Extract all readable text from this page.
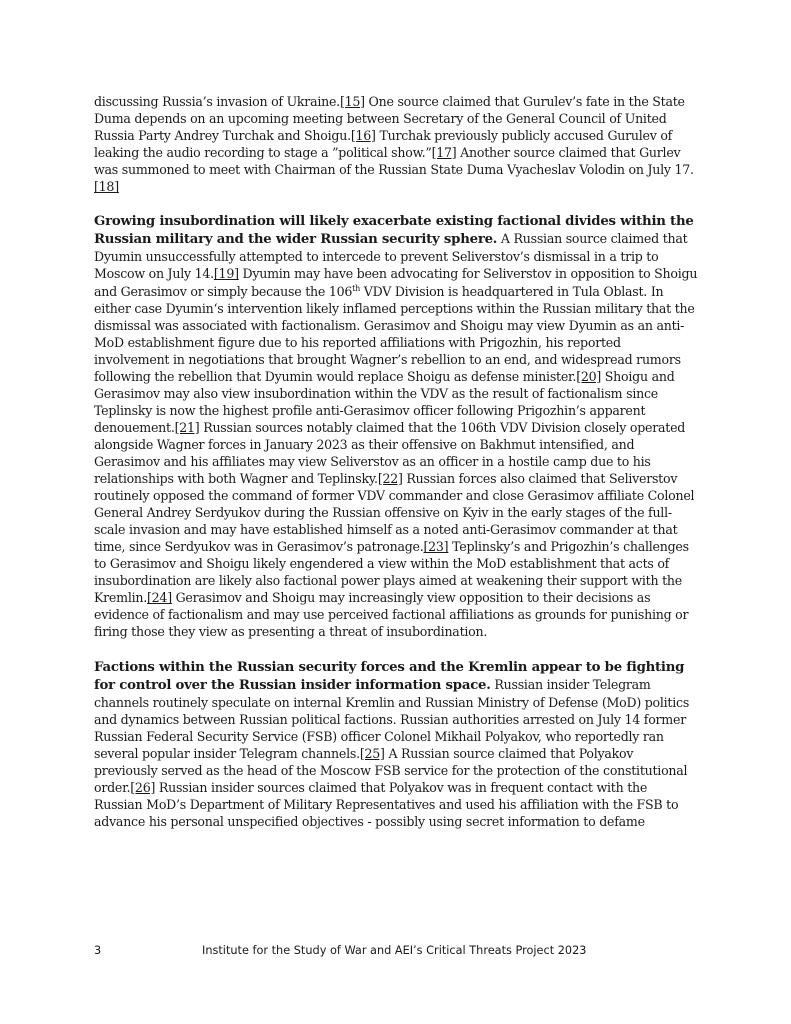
discussing Russia’s invasion of Ukraine.[15] One source claimed that Gurulev’s fate in the State Duma depends on an upcoming meeting between Secretary of the General Council of United Russia Party Andrey Turchak and Shoigu.[16] Turchak previously publicly accused Gurulev of leaking the audio recording to stage a ”political show.”[17] Another source claimed that Gurlev was summoned to meet with Chairman of the Russian State Duma Vyacheslav Volodin on July 17.[18]

Growing insubordination will likely exacerbate existing factional divides within the Russian military and the wider Russian security sphere. A Russian source claimed that Dyumin unsuccessfully attempted to intercede to prevent Seliverstov’s dismissal in a trip to Moscow on July 14.[19] Dyumin may have been advocating for Seliverstov in opposition to Shoigu and Gerasimov or simply because the 106th VDV Division is headquartered in Tula Oblast. In either case Dyumin‘s intervention likely inflamed perceptions within the Russian military that the dismissal was associated with factionalism. Gerasimov and Shoigu may view Dyumin as an anti-MoD establishment figure due to his reported affiliations with Prigozhin, his reported involvement in negotiations that brought Wagner’s rebellion to an end, and widespread rumors following the rebellion that Dyumin would replace Shoigu as defense minister.[20] Shoigu and Gerasimov may also view insubordination within the VDV as the result of factionalism since Teplinsky is now the highest profile anti-Gerasimov officer following Prigozhin’s apparent denouement.[21] Russian sources notably claimed that the 106th VDV Division closely operated alongside Wagner forces in January 2023 as their offensive on Bakhmut intensified, and Gerasimov and his affiliates may view Seliverstov as an officer in a hostile camp due to his relationships with both Wagner and Teplinsky.[22] Russian forces also claimed that Seliverstov routinely opposed the command of former VDV commander and close Gerasimov affiliate Colonel General Andrey Serdyukov during the Russian offensive on Kyiv in the early stages of the full-scale invasion and may have established himself as a noted anti-Gerasimov commander at that time, since Serdyukov was in Gerasimov’s patronage.[23] Teplinsky’s and Prigozhin’s challenges to Gerasimov and Shoigu likely engendered a view within the MoD establishment that acts of insubordination are likely also factional power plays aimed at weakening their support with the Kremlin.[24] Gerasimov and Shoigu may increasingly view opposition to their decisions as evidence of factionalism and may use perceived factional affiliations as grounds for punishing or firing those they view as presenting a threat of insubordination.

Factions within the Russian security forces and the Kremlin appear to be fighting for control over the Russian insider information space. Russian insider Telegram channels routinely speculate on internal Kremlin and Russian Ministry of Defense (MoD) politics and dynamics between Russian political factions. Russian authorities arrested on July 14 former Russian Federal Security Service (FSB) officer Colonel Mikhail Polyakov, who reportedly ran several popular insider Telegram channels.[25] A Russian source claimed that Polyakov previously served as the head of the Moscow FSB service for the protection of the constitutional order.[26] Russian insider sources claimed that Polyakov was in frequent contact with the Russian MoD’s Department of Military Representatives and used his affiliation with the FSB to advance his personal unspecified objectives - possibly using secret information to defame

3	Institute for the Study of War and AEI’s Critical Threats Project 2023
